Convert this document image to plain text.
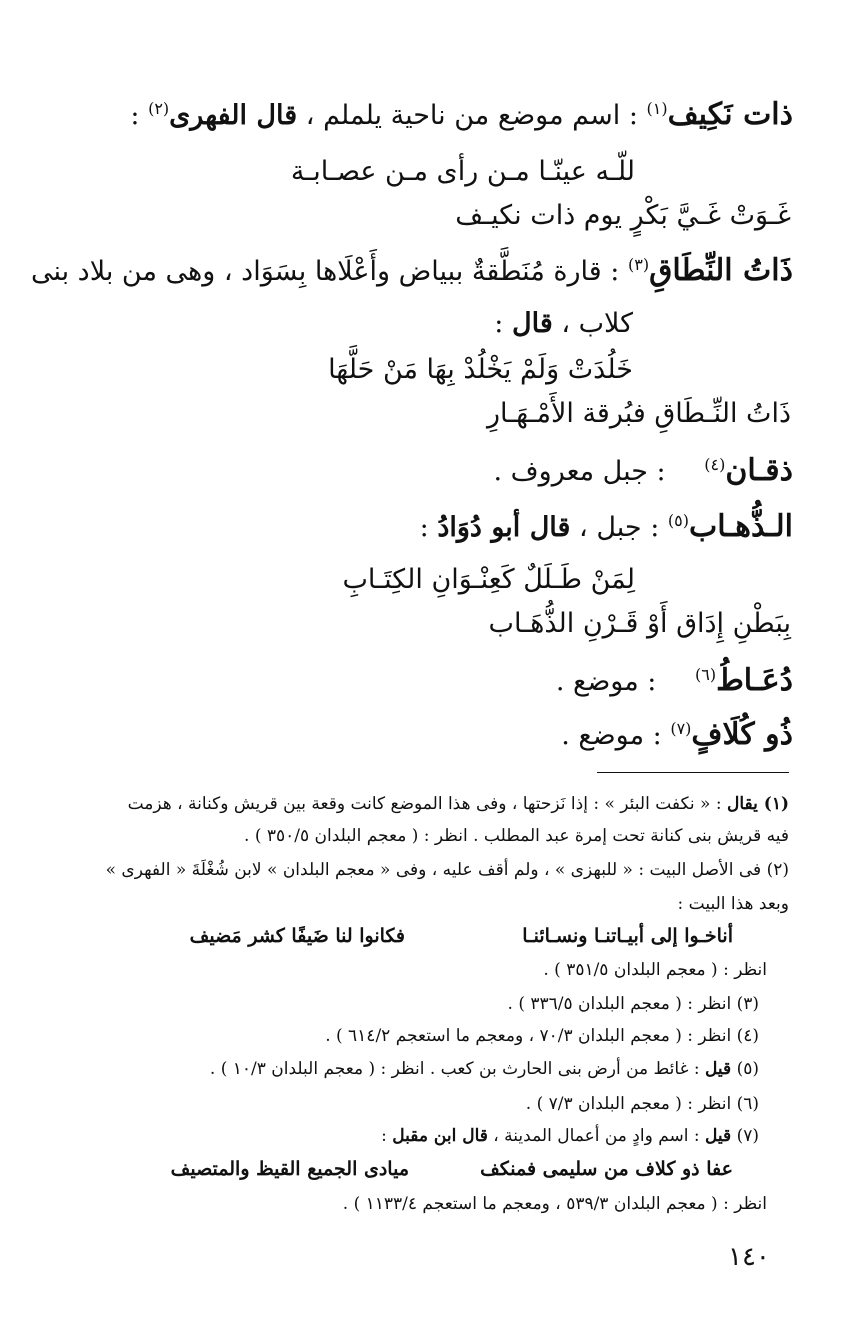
ذات نَكِيف$^{(١)}$ : اسم موضع من ناحية يلملم ، قال الفهرى$^{(٢)}$ :
للّـه عينّـا مـن رأى مـن عصـابـة
غَـوَتْ غَـيَّ بَكْرٍ يوم ذات نكيـف
ذَاتُ النِّطَاقِ$^{(٣)}$ : قارة مُنَطَّقةٌ ببياض وأَعْلَاها بِسَوَاد ، وهى من بلاد بنى
كلاب ، قال :
خَلُدَتْ وَلَمْ يَخْلُدْ بِهَا مَنْ حَلَّهَا
ذَاتُ النِّـطَاقِ فبُرقة الأَمْـهَـارِ
ذقـان$^{(٤)}$ : جبل معروف .
الـذُّهـاب$^{(٥)}$ : جبل ، قال أبو دُوَادُ :
لِمَنْ طَـلَلٌ كَعِنْـوَانِ الكِتَـابِ
بِبَطْنِ إِدَاق أَوْ قَـرْنِ الذُّهَـاب
دُعَـاطُ$^{(٦)}$ : موضع .
ذُو كُلَافٍ$^{(٧)}$ : موضع .
(١) يقال : « نكفت البئر » : إذا نَزحتها ، وفى هذا الموضع كانت وقعة بين قريش وكنانة ، هزمت
فيه قريش بنى كنانة تحت إمرة عبد المطلب . انظر : ( معجم البلدان ٣٥٠/٥ ) .
(٢) فى الأصل البيت : « للبهزى » ، ولم أقف عليه ، وفى « معجم البلدان » لابن شُغْلَةَ « الفهرى »
وبعد هذا البيت :
أناخـوا إلى أبيـاتنـا ونسـائنـا
فكانوا لنا ضَيفًا كشر مَضيف
انظر : ( معجم البلدان ٣٥١/٥ ) .
(٣) انظر : ( معجم البلدان ٣٣٦/٥ ) .
(٤) انظر : ( معجم البلدان ٧٠/٣ ، ومعجم ما استعجم ٦١٤/٢ ) .
(٥) قيل : غائط من أرض بنى الحارث بن كعب . انظر : ( معجم البلدان ١٠/٣ ) .
(٦) انظر : ( معجم البلدان ٧/٣ ) .
(٧) قيل : اسم وادٍ من أعمال المدينة ، قال ابن مقبل :
عفا ذو كلاف من سليمى فمنكف
ميادى الجميع القيظ والمتصيف
انظر : ( معجم البلدان ٥٣٩/٣ ، ومعجم ما استعجم ١١٣٣/٤ ) .
١٤٠
